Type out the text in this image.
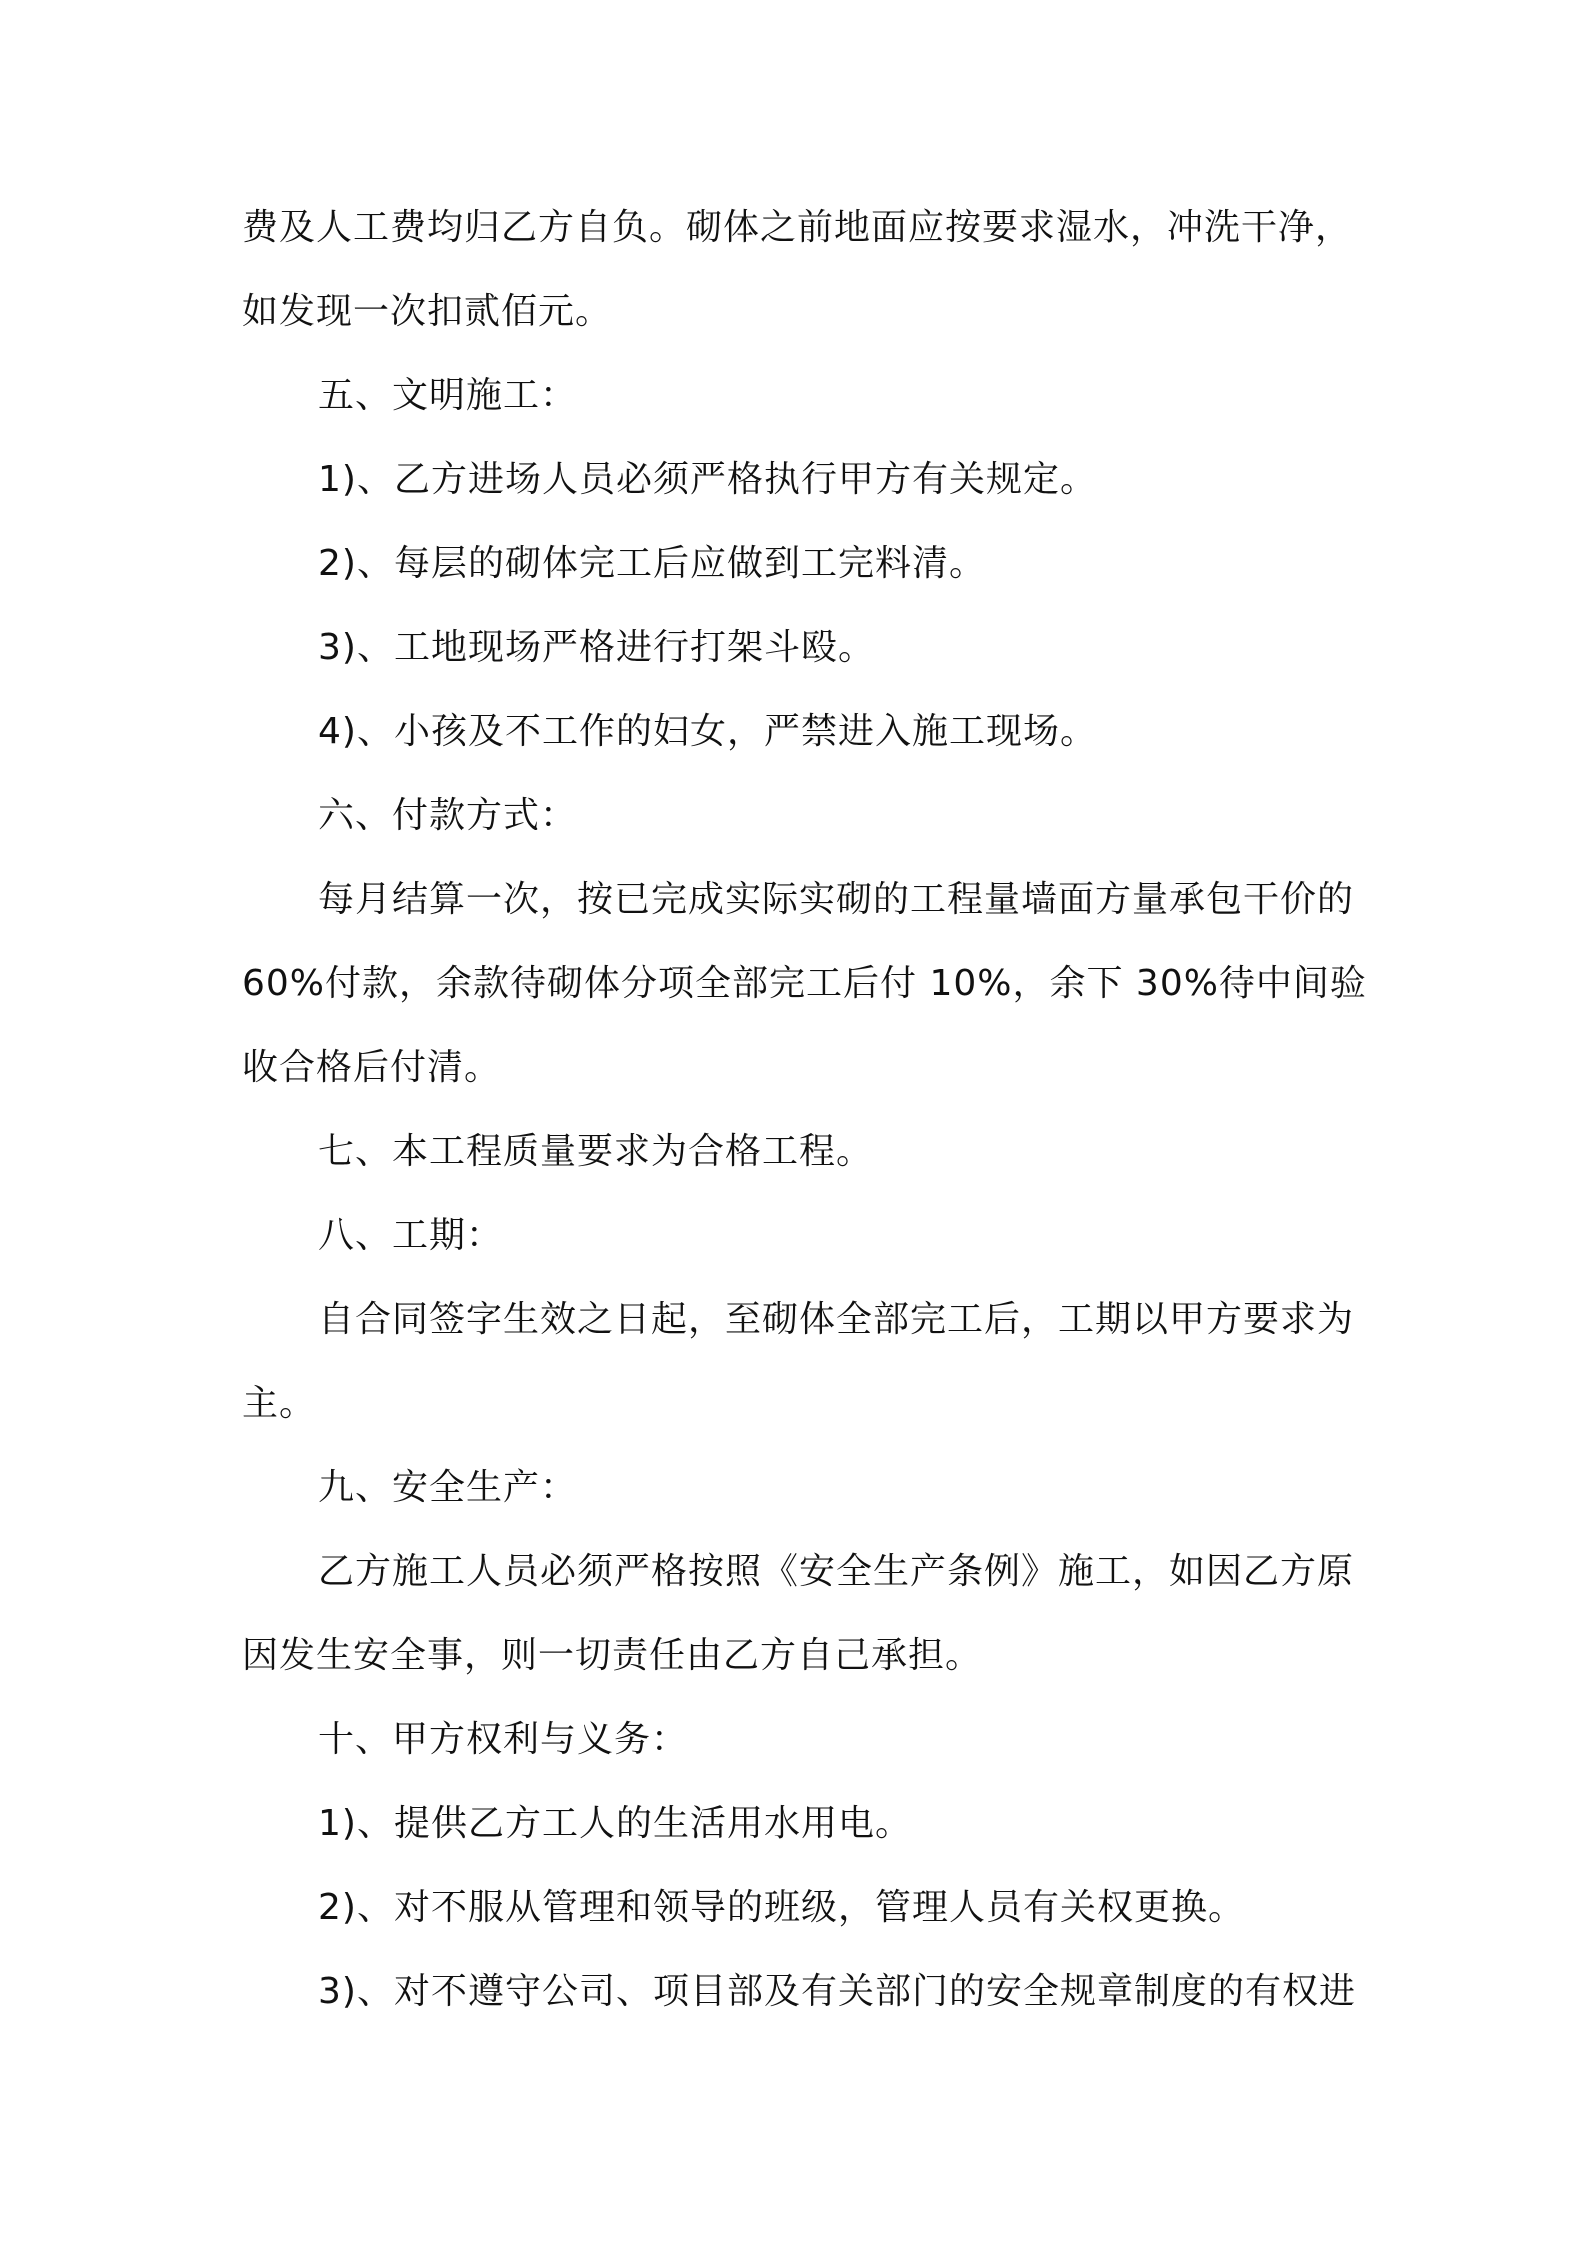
费及人工费均归乙方自负。砌体之前地面应按要求湿水，冲洗干净，
如发现一次扣贰佰元。
五、文明施工：
1)、乙方进场人员必须严格执行甲方有关规定。
2)、每层的砌体完工后应做到工完料清。
3)、工地现场严格进行打架斗殴。
4)、小孩及不工作的妇女，严禁进入施工现场。
六、付款方式：
每月结算一次，按已完成实际实砌的工程量墙面方量承包干价的
60%付款，余款待砌体分项全部完工后付 10%，余下 30%待中间验
收合格后付清。
七、本工程质量要求为合格工程。
八、工期：
自合同签字生效之日起，至砌体全部完工后，工期以甲方要求为
主。
九、安全生产：
乙方施工人员必须严格按照《安全生产条例》施工，如因乙方原
因发生安全事，则一切责任由乙方自己承担。
十、甲方权利与义务：
1)、提供乙方工人的生活用水用电。
2)、对不服从管理和领导的班级，管理人员有关权更换。
3)、对不遵守公司、项目部及有关部门的安全规章制度的有权进
